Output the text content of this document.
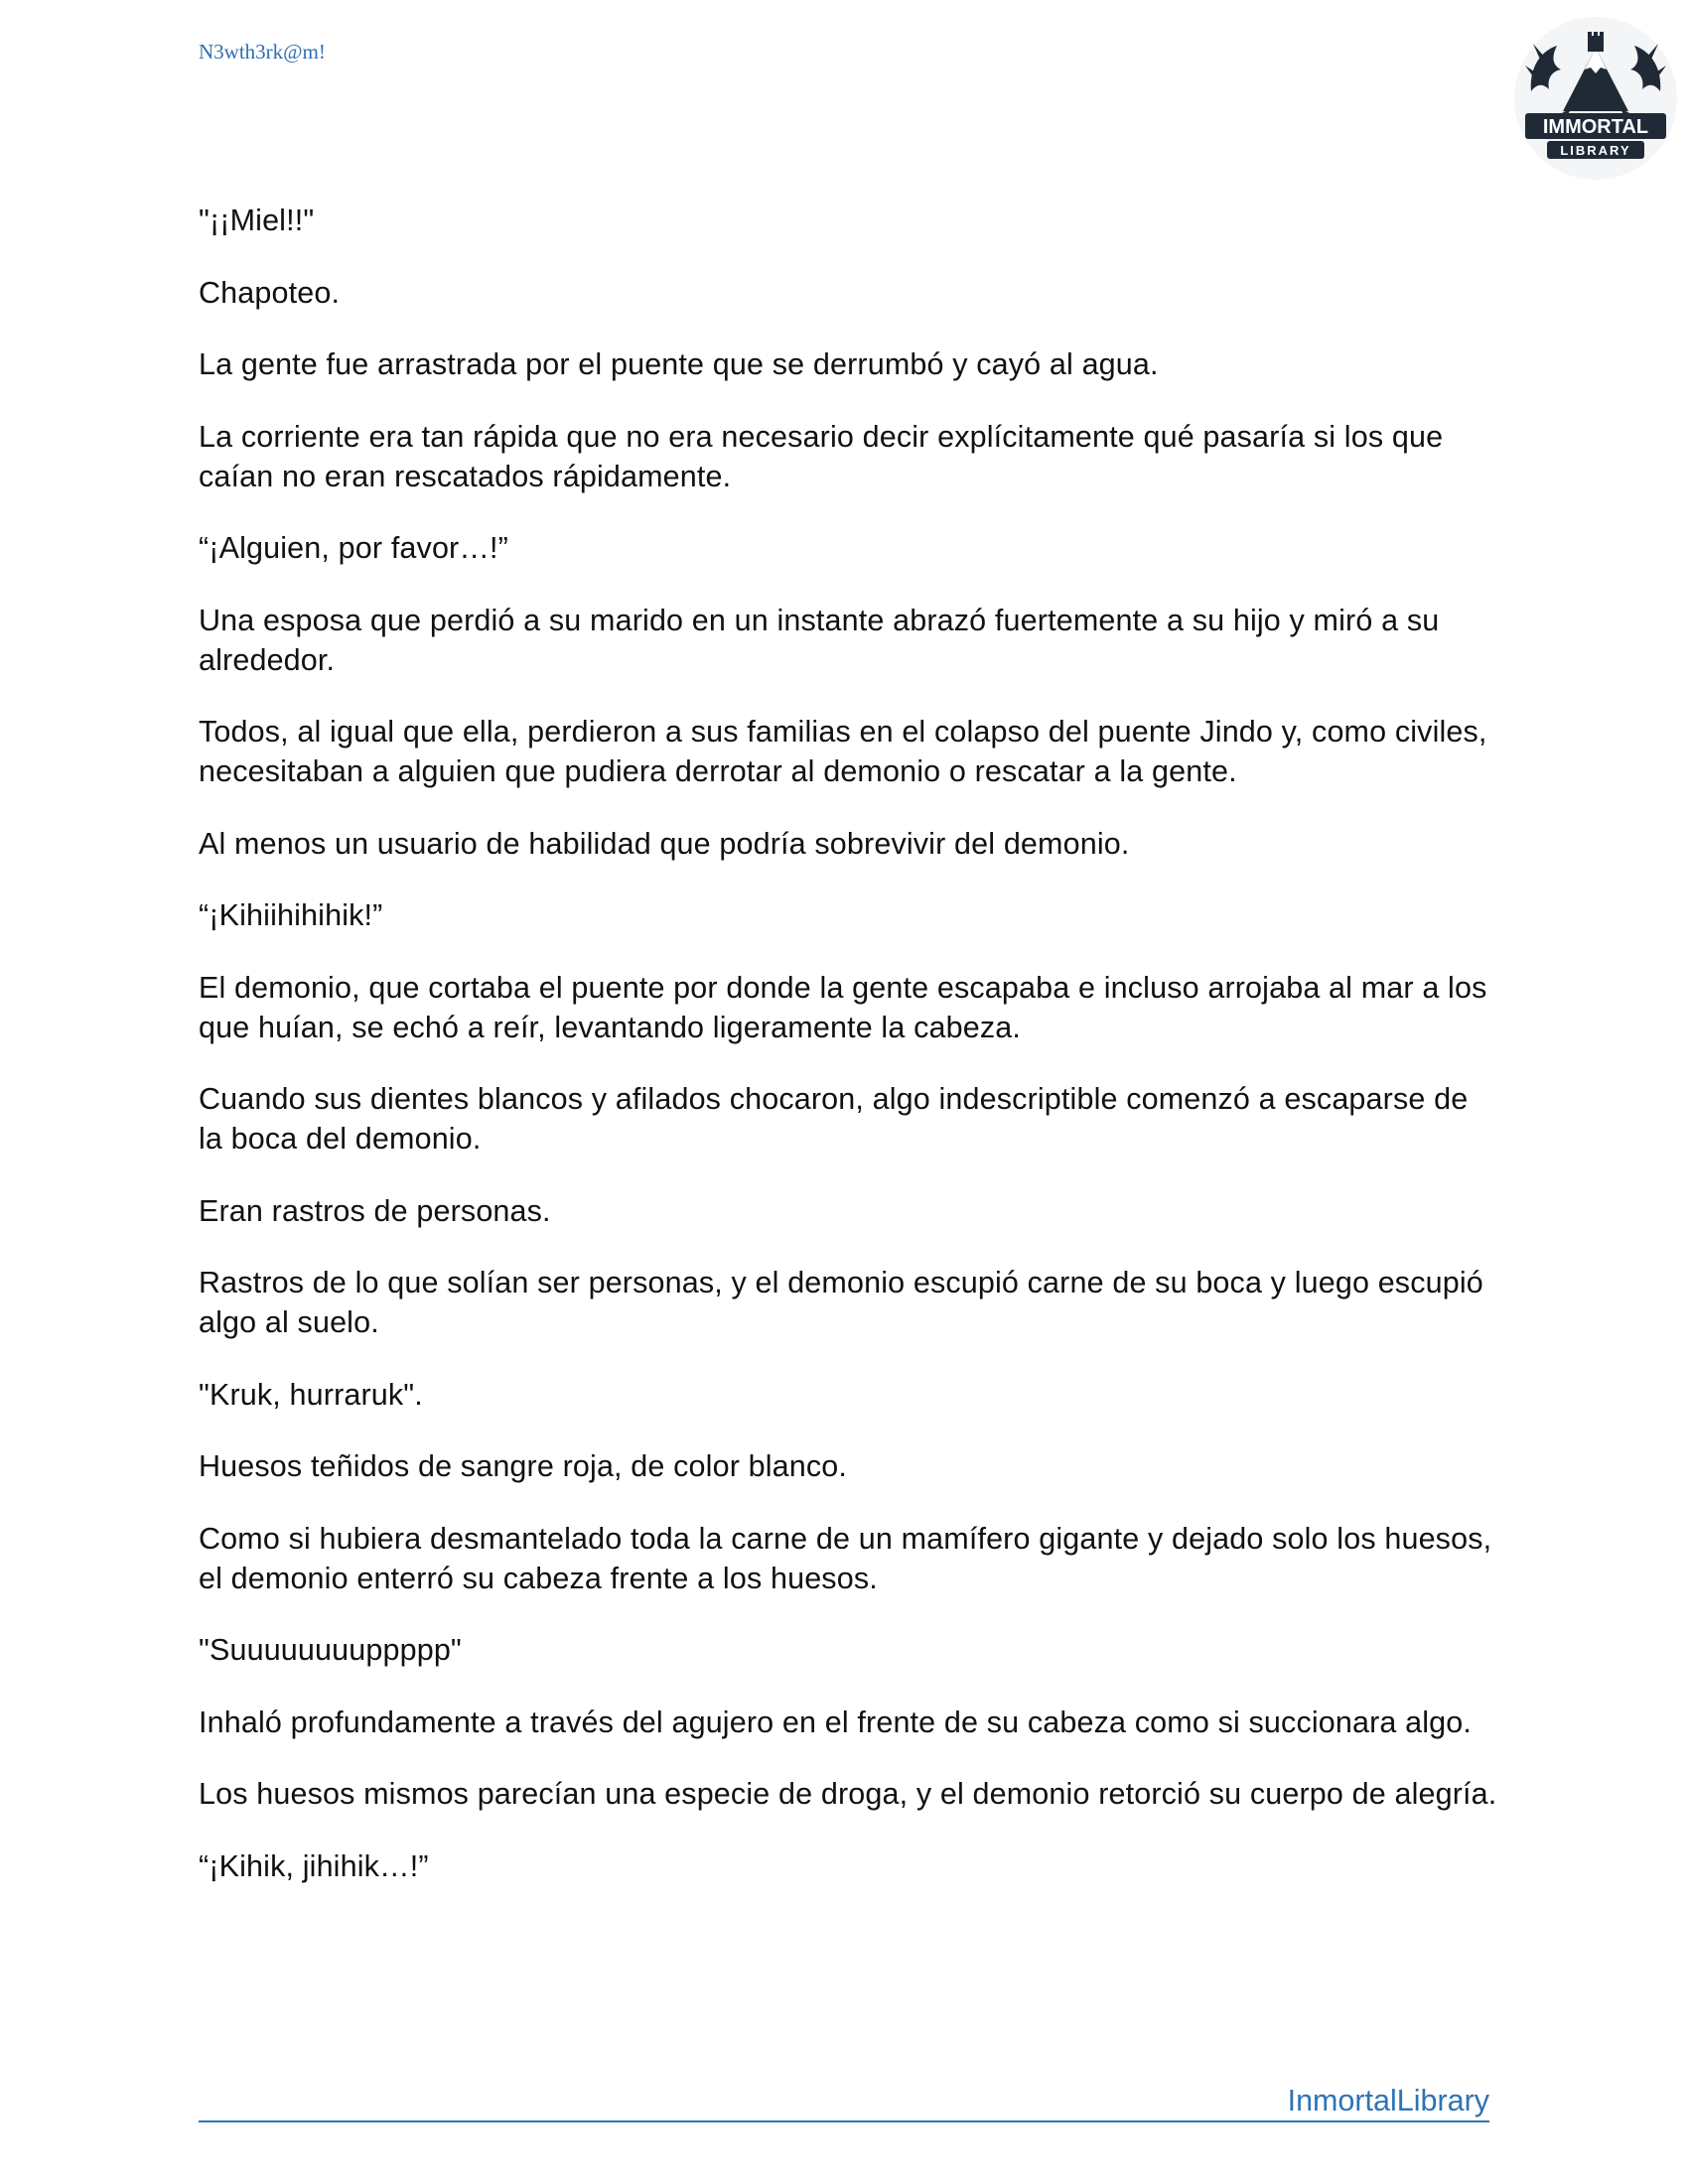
N3wth3rk@m!
IMMORTAL
LIBRARY

"¡¡Miel!!"

Chapoteo.

La gente fue arrastrada por el puente que se derrumbó y cayó al agua.

La corriente era tan rápida que no era necesario decir explícitamente qué pasaría si los que caían no eran rescatados rápidamente.

“¡Alguien, por favor…!”

Una esposa que perdió a su marido en un instante abrazó fuertemente a su hijo y miró a su alrededor.

Todos, al igual que ella, perdieron a sus familias en el colapso del puente Jindo y, como civiles, necesitaban a alguien que pudiera derrotar al demonio o rescatar a la gente.

Al menos un usuario de habilidad que podría sobrevivir del demonio.

“¡Kihiihihihik!”

El demonio, que cortaba el puente por donde la gente escapaba e incluso arrojaba al mar a los que huían, se echó a reír, levantando ligeramente la cabeza.

Cuando sus dientes blancos y afilados chocaron, algo indescriptible comenzó a escaparse de la boca del demonio.

Eran rastros de personas.

Rastros de lo que solían ser personas, y el demonio escupió carne de su boca y luego escupió algo al suelo.

"Kruk, hurraruk".

Huesos teñidos de sangre roja, de color blanco.

Como si hubiera desmantelado toda la carne de un mamífero gigante y dejado solo los huesos, el demonio enterró su cabeza frente a los huesos.

"Suuuuuuuuppppp"

Inhaló profundamente a través del agujero en el frente de su cabeza como si succionara algo.

Los huesos mismos parecían una especie de droga, y el demonio retorció su cuerpo de alegría.

“¡Kihik, jihihik…!”

InmortalLibrary
